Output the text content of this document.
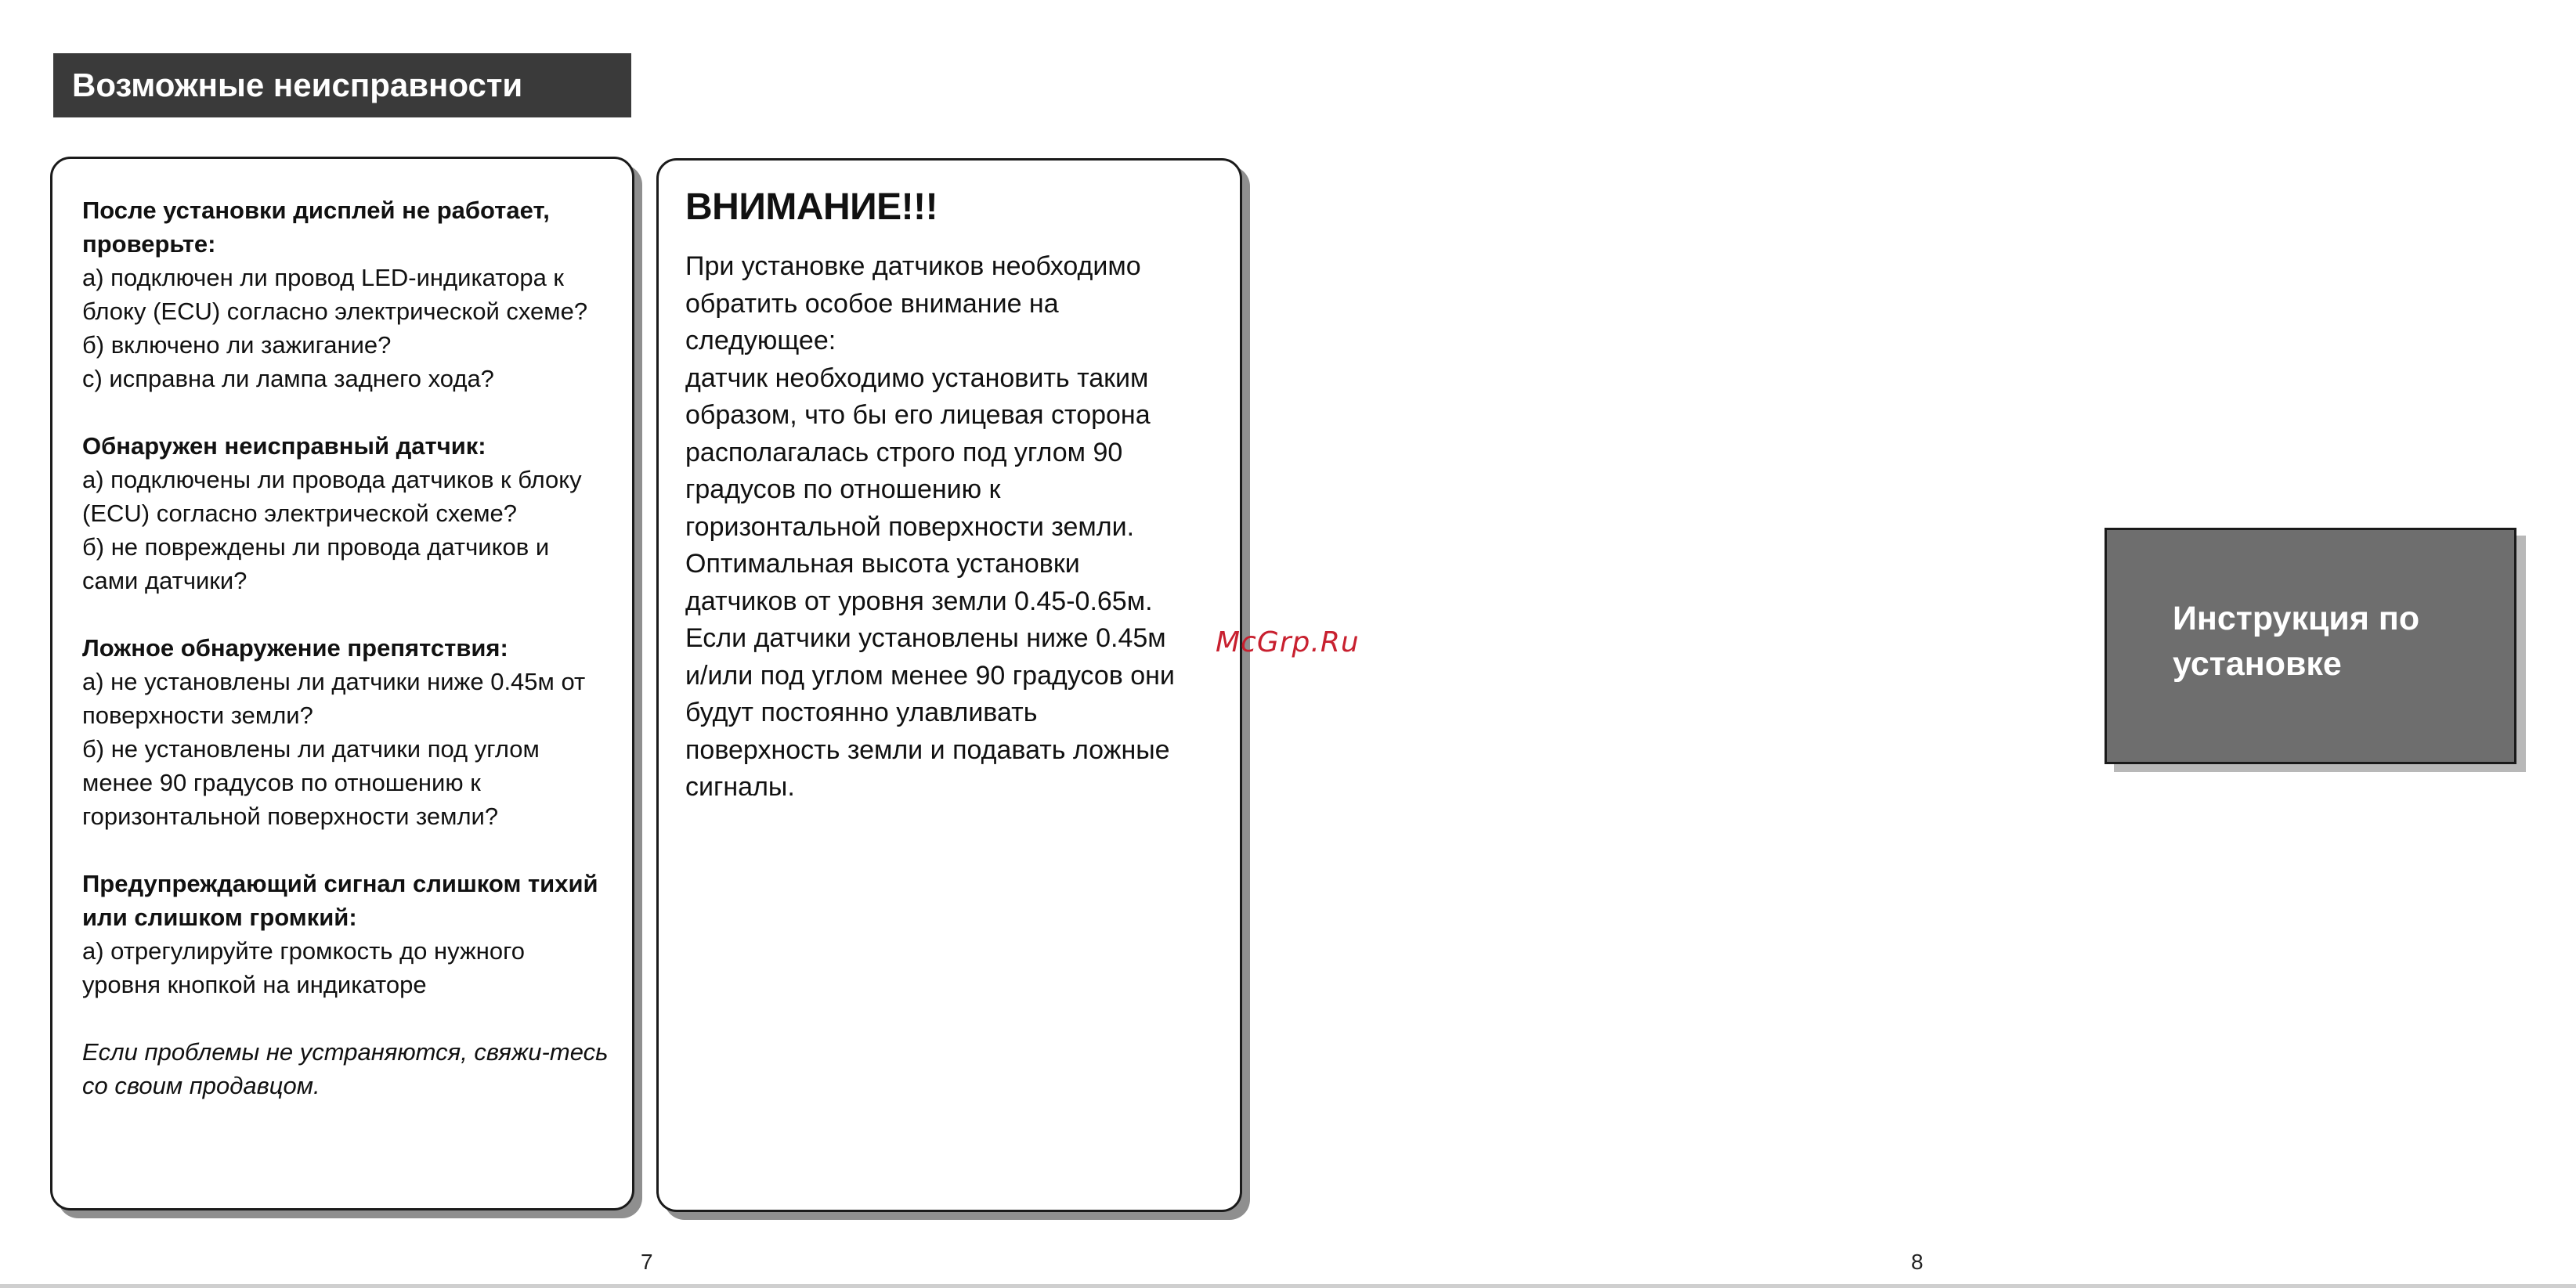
Возможные неисправности
После установки дисплей не работает, проверьте:
а) подключен ли провод LED-индикатора к блоку (ECU) согласно электрической схеме?
б) включено ли зажигание?
с) исправна ли лампа заднего хода?
Обнаружен неисправный датчик:
а) подключены ли провода датчиков к блоку (ECU) согласно электрической схеме?
б) не повреждены ли провода датчиков и сами датчики?
Ложное обнаружение препятствия:
а) не установлены ли датчики ниже 0.45м от поверхности земли?
б) не установлены ли датчики под углом менее 90 градусов по отношению к горизонтальной поверхности земли?
Предупреждающий сигнал слишком тихий или слишком громкий:
а) отрегулируйте громкость до нужного уровня кнопкой на индикаторе
Если проблемы не устраняются, свяжи-тесь со своим продавцом.
ВНИМАНИЕ!!!
При установке датчиков необходимо
обратить особое внимание на
следующее:
датчик необходимо установить таким
образом, что бы его лицевая сторона
располагалась строго под углом 90
градусов по отношению к
горизонтальной поверхности земли.
Оптимальная высота установки
датчиков от уровня земли 0.45-0.65м.
Если датчики установлены ниже 0.45м
и/или под углом менее 90 градусов они
будут постоянно улавливать
поверхность земли и подавать ложные
сигналы.
McGrp.Ru
Инструкция по установке
7	8
